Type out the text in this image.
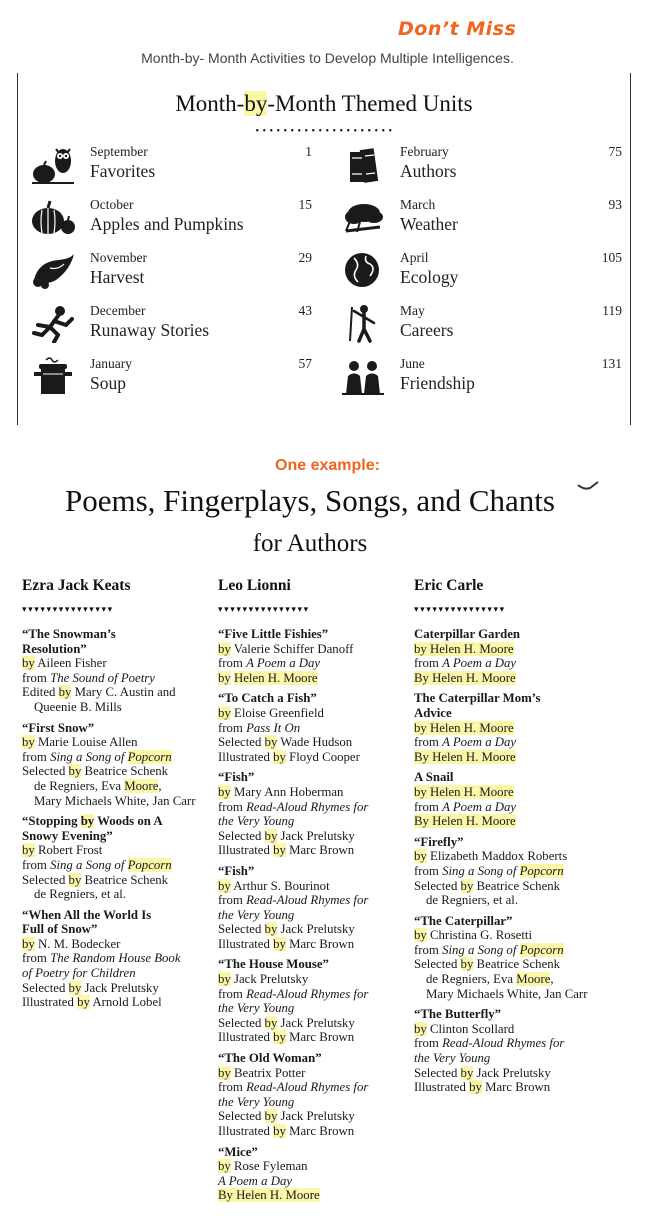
Don’t Miss
Month-by- Month Activities to Develop Multiple Intelligences.
Month-by-Month Themed Units
• • • • • • • • • • • • • • • • • • • •
September
Favorites
1
October
Apples and Pumpkins
15
November
Harvest
29
December
Runaway Stories
43
January
Soup
57
February
Authors
75
March
Weather
93
April
Ecology
105
May
Careers
119
June
Friendship
131
One example:
Poems, Fingerplays, Songs, and Chants
for Authors
Ezra Jack Keats
▾▾▾▾▾▾▾▾▾▾▾▾▾▾▾
“The Snowman’s
Resolution”
by Aileen Fisher
from The Sound of Poetry
Edited by Mary C. Austin and
Queenie B. Mills
“First Snow”
by Marie Louise Allen
from Sing a Song of Popcorn
Selected by Beatrice Schenk
de Regniers, Eva Moore,
Mary Michaels White, Jan Carr
“Stopping by Woods on A
Snowy Evening”
by Robert Frost
from Sing a Song of Popcorn
Selected by Beatrice Schenk
de Regniers, et al.
“When All the World Is
Full of Snow”
by N. M. Bodecker
from The Random House Book
of Poetry for Children
Selected by Jack Prelutsky
Illustrated by Arnold Lobel
Leo Lionni
▾▾▾▾▾▾▾▾▾▾▾▾▾▾▾
“Five Little Fishies”
by Valerie Schiffer Danoff
from A Poem a Day
by Helen H. Moore
“To Catch a Fish”
by Eloise Greenfield
from Pass It On
Selected by Wade Hudson
Illustrated by Floyd Cooper
“Fish”
by Mary Ann Hoberman
from Read-Aloud Rhymes for
the Very Young
Selected by Jack Prelutsky
Illustrated by Marc Brown
“Fish”
by Arthur S. Bourinot
from Read-Aloud Rhymes for
the Very Young
Selected by Jack Prelutsky
Illustrated by Marc Brown
“The House Mouse”
by Jack Prelutsky
from Read-Aloud Rhymes for
the Very Young
Selected by Jack Prelutsky
Illustrated by Marc Brown
“The Old Woman”
by Beatrix Potter
from Read-Aloud Rhymes for
the Very Young
Selected by Jack Prelutsky
Illustrated by Marc Brown
“Mice”
by Rose Fyleman
A Poem a Day
By Helen H. Moore
Eric Carle
▾▾▾▾▾▾▾▾▾▾▾▾▾▾▾
Caterpillar Garden
by Helen H. Moore
from A Poem a Day
By Helen H. Moore
The Caterpillar Mom’s
Advice
by Helen H. Moore
from A Poem a Day
By Helen H. Moore
A Snail
by Helen H. Moore
from A Poem a Day
By Helen H. Moore
“Firefly”
by Elizabeth Maddox Roberts
from Sing a Song of Popcorn
Selected by Beatrice Schenk
de Regniers, et al.
“The Caterpillar”
by Christina G. Rosetti
from Sing a Song of Popcorn
Selected by Beatrice Schenk
de Regniers, Eva Moore,
Mary Michaels White, Jan Carr
“The Butterfly”
by Clinton Scollard
from Read-Aloud Rhymes for
the Very Young
Selected by Jack Prelutsky
Illustrated by Marc Brown
